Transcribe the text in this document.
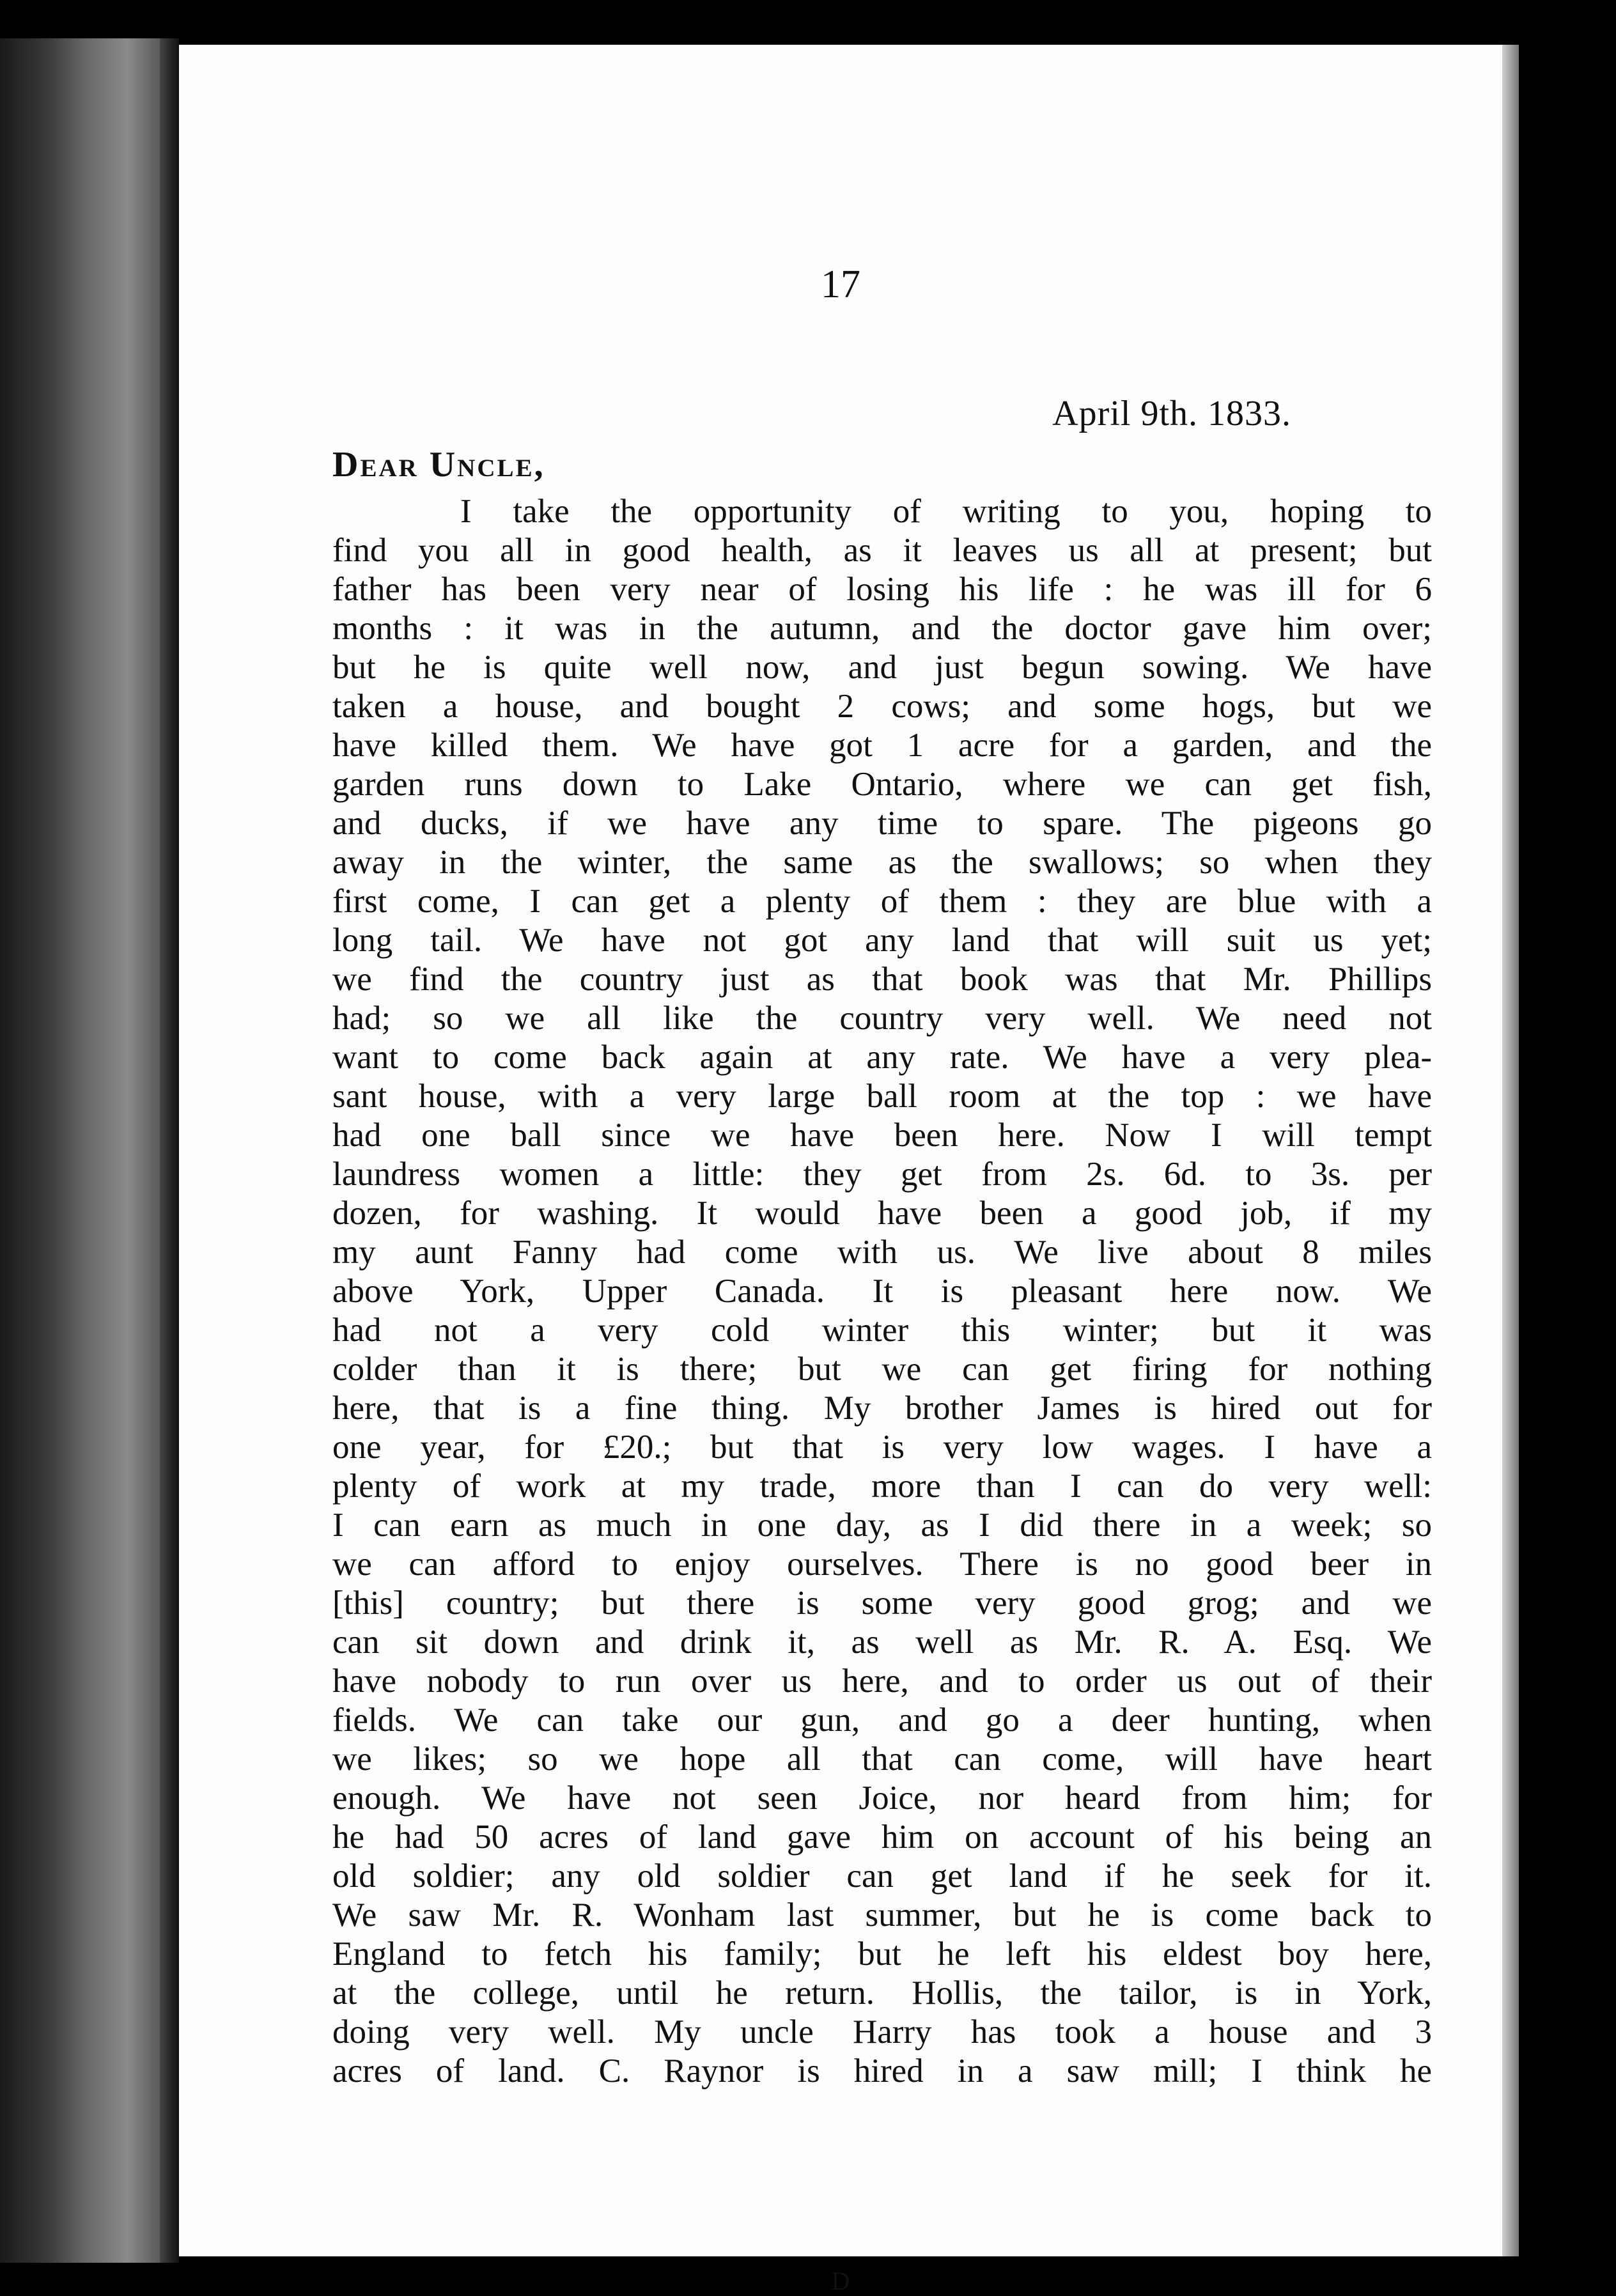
17
April 9th. 1833.
Dear Uncle,
I take the opportunity of writing to you, hoping to
find you all in good health, as it leaves us all at present; but
father has been very near of losing his life : he was ill for 6
months : it was in the autumn, and the doctor gave him over;
but he is quite well now, and just begun sowing. We have
taken a house, and bought 2 cows; and some hogs, but we
have killed them. We have got 1 acre for a garden, and the
garden runs down to Lake Ontario, where we can get fish,
and ducks, if we have any time to spare. The pigeons go
away in the winter, the same as the swallows; so when they
first come, I can get a plenty of them : they are blue with a
long tail. We have not got any land that will suit us yet;
we find the country just as that book was that Mr. Phillips
had; so we all like the country very well. We need not
want to come back again at any rate. We have a very plea-
sant house, with a very large ball room at the top : we have
had one ball since we have been here. Now I will tempt
laundress women a little: they get from 2s. 6d. to 3s. per
dozen, for washing. It would have been a good job, if my
my aunt Fanny had come with us. We live about 8 miles
above York, Upper Canada. It is pleasant here now. We
had not a very cold winter this winter; but it was
colder than it is there; but we can get firing for nothing
here, that is a fine thing. My brother James is hired out for
one year, for £20.; but that is very low wages. I have a
plenty of work at my trade, more than I can do very well:
I can earn as much in one day, as I did there in a week; so
we can afford to enjoy ourselves. There is no good beer in
[this] country; but there is some very good grog; and we
can sit down and drink it, as well as Mr. R. A. Esq. We
have nobody to run over us here, and to order us out of their
fields. We can take our gun, and go a deer hunting, when
we likes; so we hope all that can come, will have heart
enough. We have not seen Joice, nor heard from him; for
he had 50 acres of land gave him on account of his being an
old soldier; any old soldier can get land if he seek for it.
We saw Mr. R. Wonham last summer, but he is come back to
England to fetch his family; but he left his eldest boy here,
at the college, until he return. Hollis, the tailor, is in York,
doing very well. My uncle Harry has took a house and 3
acres of land. C. Raynor is hired in a saw mill; I think he
D
